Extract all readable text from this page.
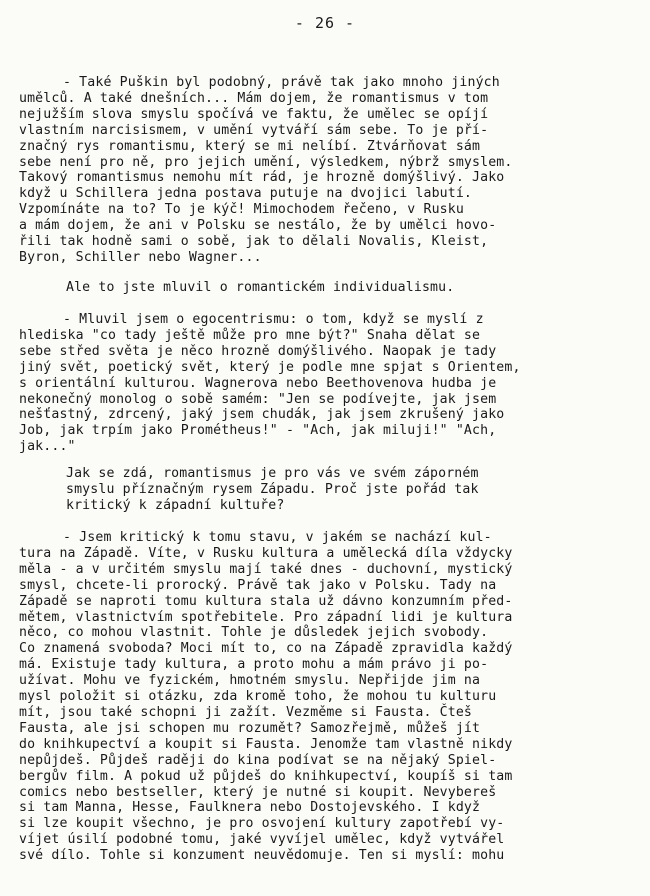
- 26 -
- Také Puškin byl podobný, právě tak jako mnoho jiných
umělců. A také dnešních... Mám dojem, že romantismus v tom
nejužším slova smyslu spočívá ve faktu, že umělec se opíjí
vlastním narcisismem, v umění vytváří sám sebe. To je pří-
značný rys romantismu, který se mi nelíbí. Ztvárňovat sám
sebe není pro ně, pro jejich umění, výsledkem, nýbrž smyslem.
Takový romantismus nemohu mít rád, je hrozně domýšlivý. Jako
když u Schillera jedna postava putuje na dvojici labutí.
Vzpomínáte na to? To je kýč! Mimochodem řečeno, v Rusku
a mám dojem, že ani v Polsku se nestálo, že by umělci hovo-
řili tak hodně sami o sobě, jak to dělali Novalis, Kleist,
Byron, Schiller nebo Wagner...
Ale to jste mluvil o romantickém individualismu.
- Mluvil jsem o egocentrismu: o tom, když se myslí z
hlediska "co tady ještě může pro mne být?" Snaha dělat se
sebe střed světa je něco hrozně domýšlivého. Naopak je tady
jiný svět, poetický svět, který je podle mne spjat s Orientem,
s orientální kulturou. Wagnerova nebo Beethovenova hudba je
nekonečný monolog o sobě samém: "Jen se podívejte, jak jsem
nešťastný, zdrcený, jaký jsem chudák, jak jsem zkrušený jako
Job, jak trpím jako Prométheus!" - "Ach, jak miluji!" "Ach,
jak..."
Jak se zdá, romantismus je pro vás ve svém záporném
smyslu příznačným rysem Západu. Proč jste pořád tak
kritický k západní kultuře?
- Jsem kritický k tomu stavu, v jakém se nachází kul-
tura na Západě. Víte, v Rusku kultura a umělecká díla vždycky
měla - a v určitém smyslu mají také dnes - duchovní, mystický
smysl, chcete-li prorocký. Právě tak jako v Polsku. Tady na
Západě se naproti tomu kultura stala už dávno konzumním před-
mětem, vlastnictvím spotřebitele. Pro západní lidi je kultura
něco, co mohou vlastnit. Tohle je důsledek jejich svobody.
Co znamená svoboda? Moci mít to, co na Západě zpravidla každý
má. Existuje tady kultura, a proto mohu a mám právo ji po-
užívat. Mohu ve fyzickém, hmotném smyslu. Nepřijde jim na
mysl položit si otázku, zda kromě toho, že mohou tu kulturu
mít, jsou také schopni ji zažít. Vezměme si Fausta. Čteš
Fausta, ale jsi schopen mu rozumět? Samozřejmě, můžeš jít
do knihkupectví a koupit si Fausta. Jenomže tam vlastně nikdy
nepůjdeš. Půjdeš raději do kina podívat se na nějaký Spiel-
bergův film. A pokud už půjdeš do knihkupectví, koupíš si tam
comics nebo bestseller, který je nutné si koupit. Nevybereš
si tam Manna, Hesse, Faulknera nebo Dostojevského. I když
si lze koupit všechno, je pro osvojení kultury zapotřebí vy-
víjet úsilí podobné tomu, jaké vyvíjel umělec, když vytvářel
své dílo. Tohle si konzument neuvědomuje. Ten si myslí: mohu
